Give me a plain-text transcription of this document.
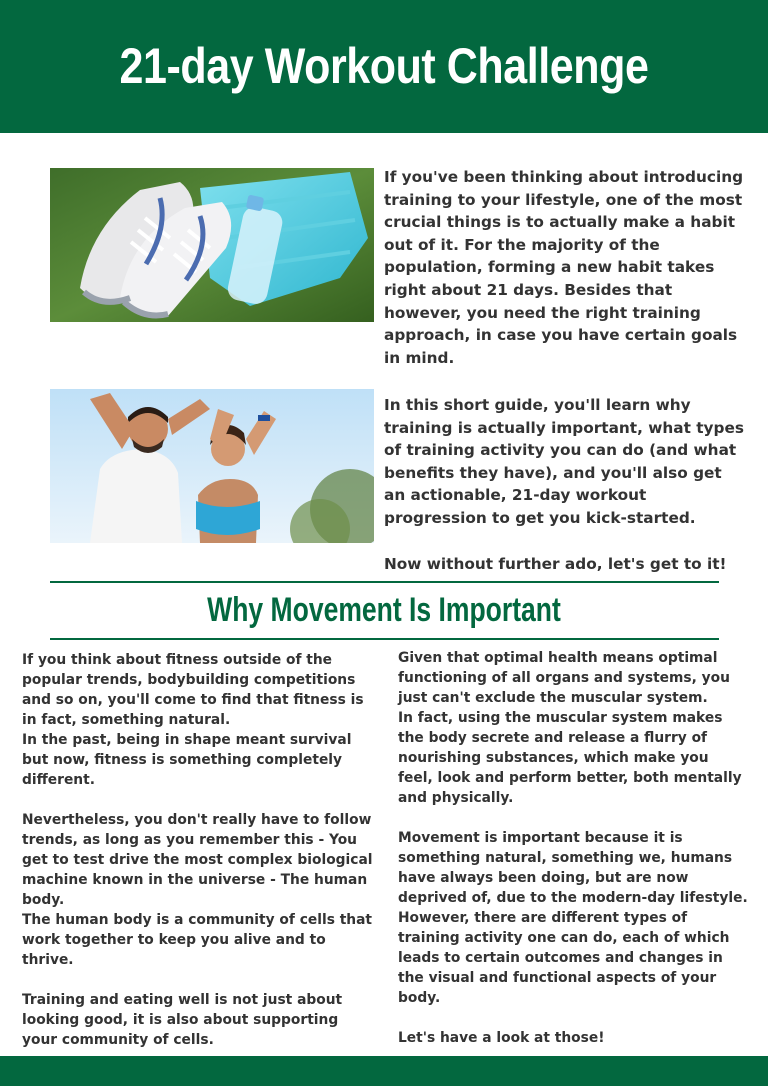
21-day Workout Challenge

If you've been thinking about introducing training to your lifestyle, one of the most crucial things is to actually make a habit out of it. For the majority of the population, forming a new habit takes right about 21 days. Besides that however, you need the right training approach, in case you have certain goals in mind.

In this short guide, you'll learn why training is actually important, what types of training activity you can do (and what benefits they have), and you'll also get an actionable, 21-day workout progression to get you kick-started.

Now without further ado, let's get to it!

Why Movement Is Important

If you think about fitness outside of the popular trends, bodybuilding competitions and so on, you'll come to find that fitness is in fact, something natural.

In the past, being in shape meant survival but now, fitness is something completely different.

Nevertheless, you don't really have to follow trends, as long as you remember this - You get to test drive the most complex biological machine known in the universe - The human body.

The human body is a community of cells that work together to keep you alive and to thrive.

Training and eating well is not just about looking good, it is also about supporting your community of cells.

Given that optimal health means optimal functioning of all organs and systems, you just can't exclude the muscular system.

In fact, using the muscular system makes the body secrete and release a flurry of nourishing substances, which make you feel, look and perform better, both mentally and physically.

Movement is important because it is something natural, something we, humans have always been doing, but are now deprived of, due to the modern-day lifestyle. However, there are different types of training activity one can do, each of which leads to certain outcomes and changes in the visual and functional aspects of your body.

Let's have a look at those!
